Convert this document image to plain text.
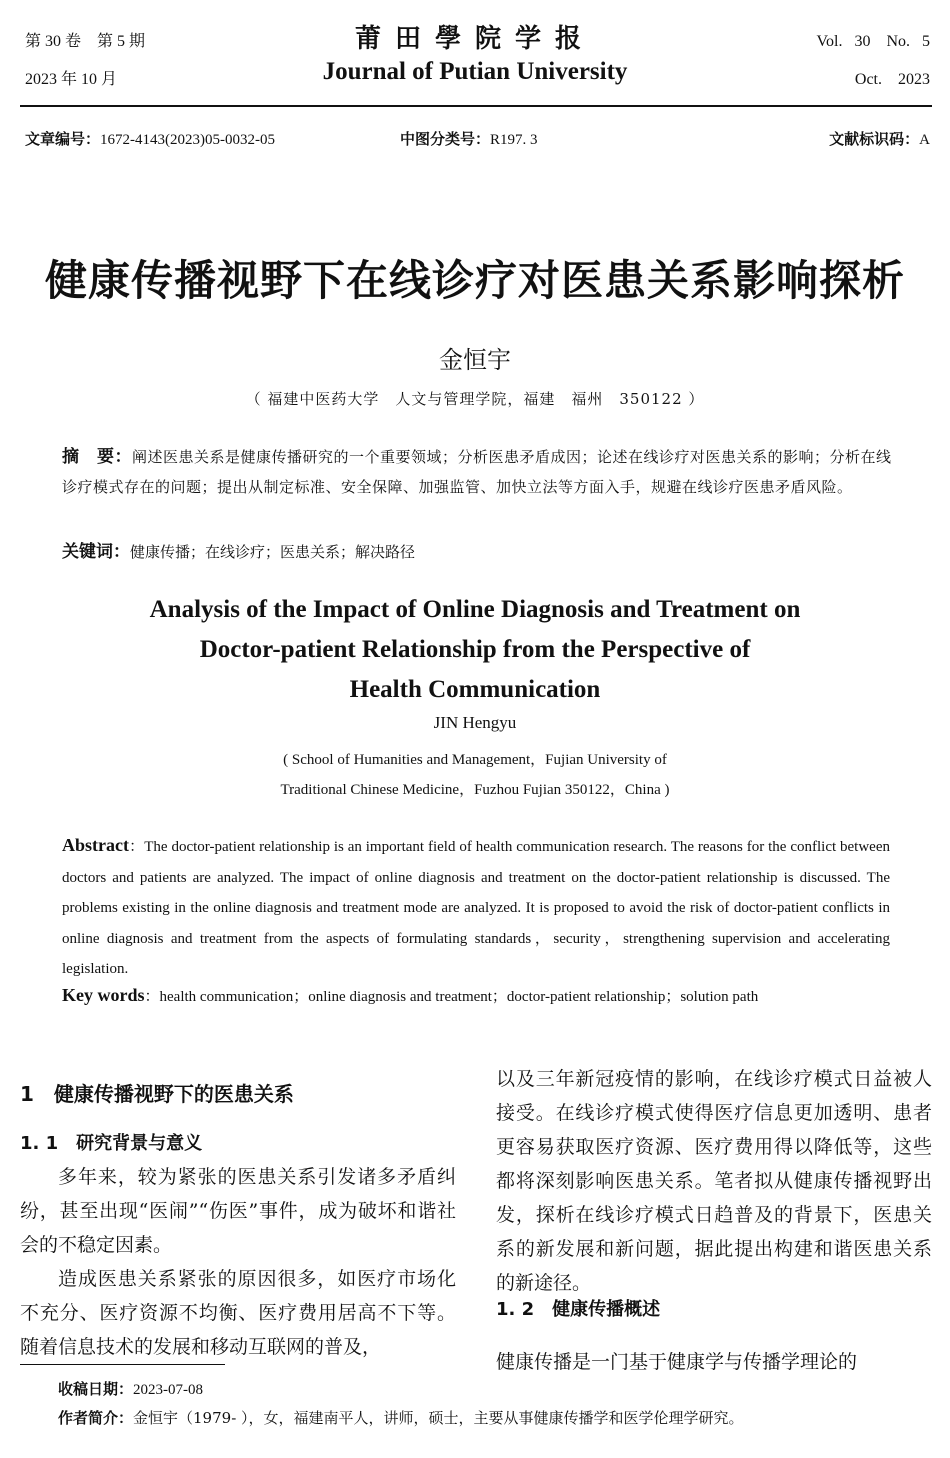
第 30 卷　第 5 期
2023 年 10 月
莆田學院学报
Journal of Putian University
Vol. 30　No. 5
Oct.　2023
文章编号：1672-4143(2023)05-0032-05	中图分类号：R197. 3	文献标识码：A
健康传播视野下在线诊疗对医患关系影响探析
金恒宇
（ 福建中医药大学　人文与管理学院，福建　福州　350122 ）
摘　要：阐述医患关系是健康传播研究的一个重要领域；分析医患矛盾成因；论述在线诊疗对医患关系的影响；分析在线诊疗模式存在的问题；提出从制定标准、安全保障、加强监管、加快立法等方面入手，规避在线诊疗医患矛盾风险。
关键词：健康传播；在线诊疗；医患关系；解决路径
Analysis of the Impact of Online Diagnosis and Treatment on
Doctor-patient Relationship from the Perspective of
Health Communication
JIN Hengyu
( School of Humanities and Management，Fujian University of
Traditional Chinese Medicine，Fuzhou Fujian 350122，China )
Abstract：The doctor-patient relationship is an important field of health communication research. The reasons for the conflict between doctors and patients are analyzed. The impact of online diagnosis and treatment on the doctor-patient relationship is discussed. The problems existing in the online diagnosis and treatment mode are analyzed. It is proposed to avoid the risk of doctor-patient conflicts in online diagnosis and treatment from the aspects of formulating standards，security，strengthening supervision and accelerating legislation.
Key words：health communication；online diagnosis and treatment；doctor-patient relationship；solution path
1　健康传播视野下的医患关系
1. 1　研究背景与意义

多年来，较为紧张的医患关系引发诸多矛盾纠纷，甚至出现“医闹”“伤医”事件，成为破坏和谐社会的不稳定因素。

造成医患关系紧张的原因很多，如医疗市场化不充分、医疗资源不均衡、医疗费用居高不下等。随着信息技术的发展和移动互联网的普及，

以及三年新冠疫情的影响，在线诊疗模式日益被人接受。在线诊疗模式使得医疗信息更加透明、患者更容易获取医疗资源、医疗费用得以降低等，这些都将深刻影响医患关系。笔者拟从健康传播视野出发，探析在线诊疗模式日趋普及的背景下，医患关系的新发展和新问题，据此提出构建和谐医患关系的新途径。

1. 2　健康传播概述

健康传播是一门基于健康学与传播学理论的

收稿日期：2023-07-08
作者简介：金恒宇（1979- ），女，福建南平人，讲师，硕士，主要从事健康传播学和医学伦理学研究。
